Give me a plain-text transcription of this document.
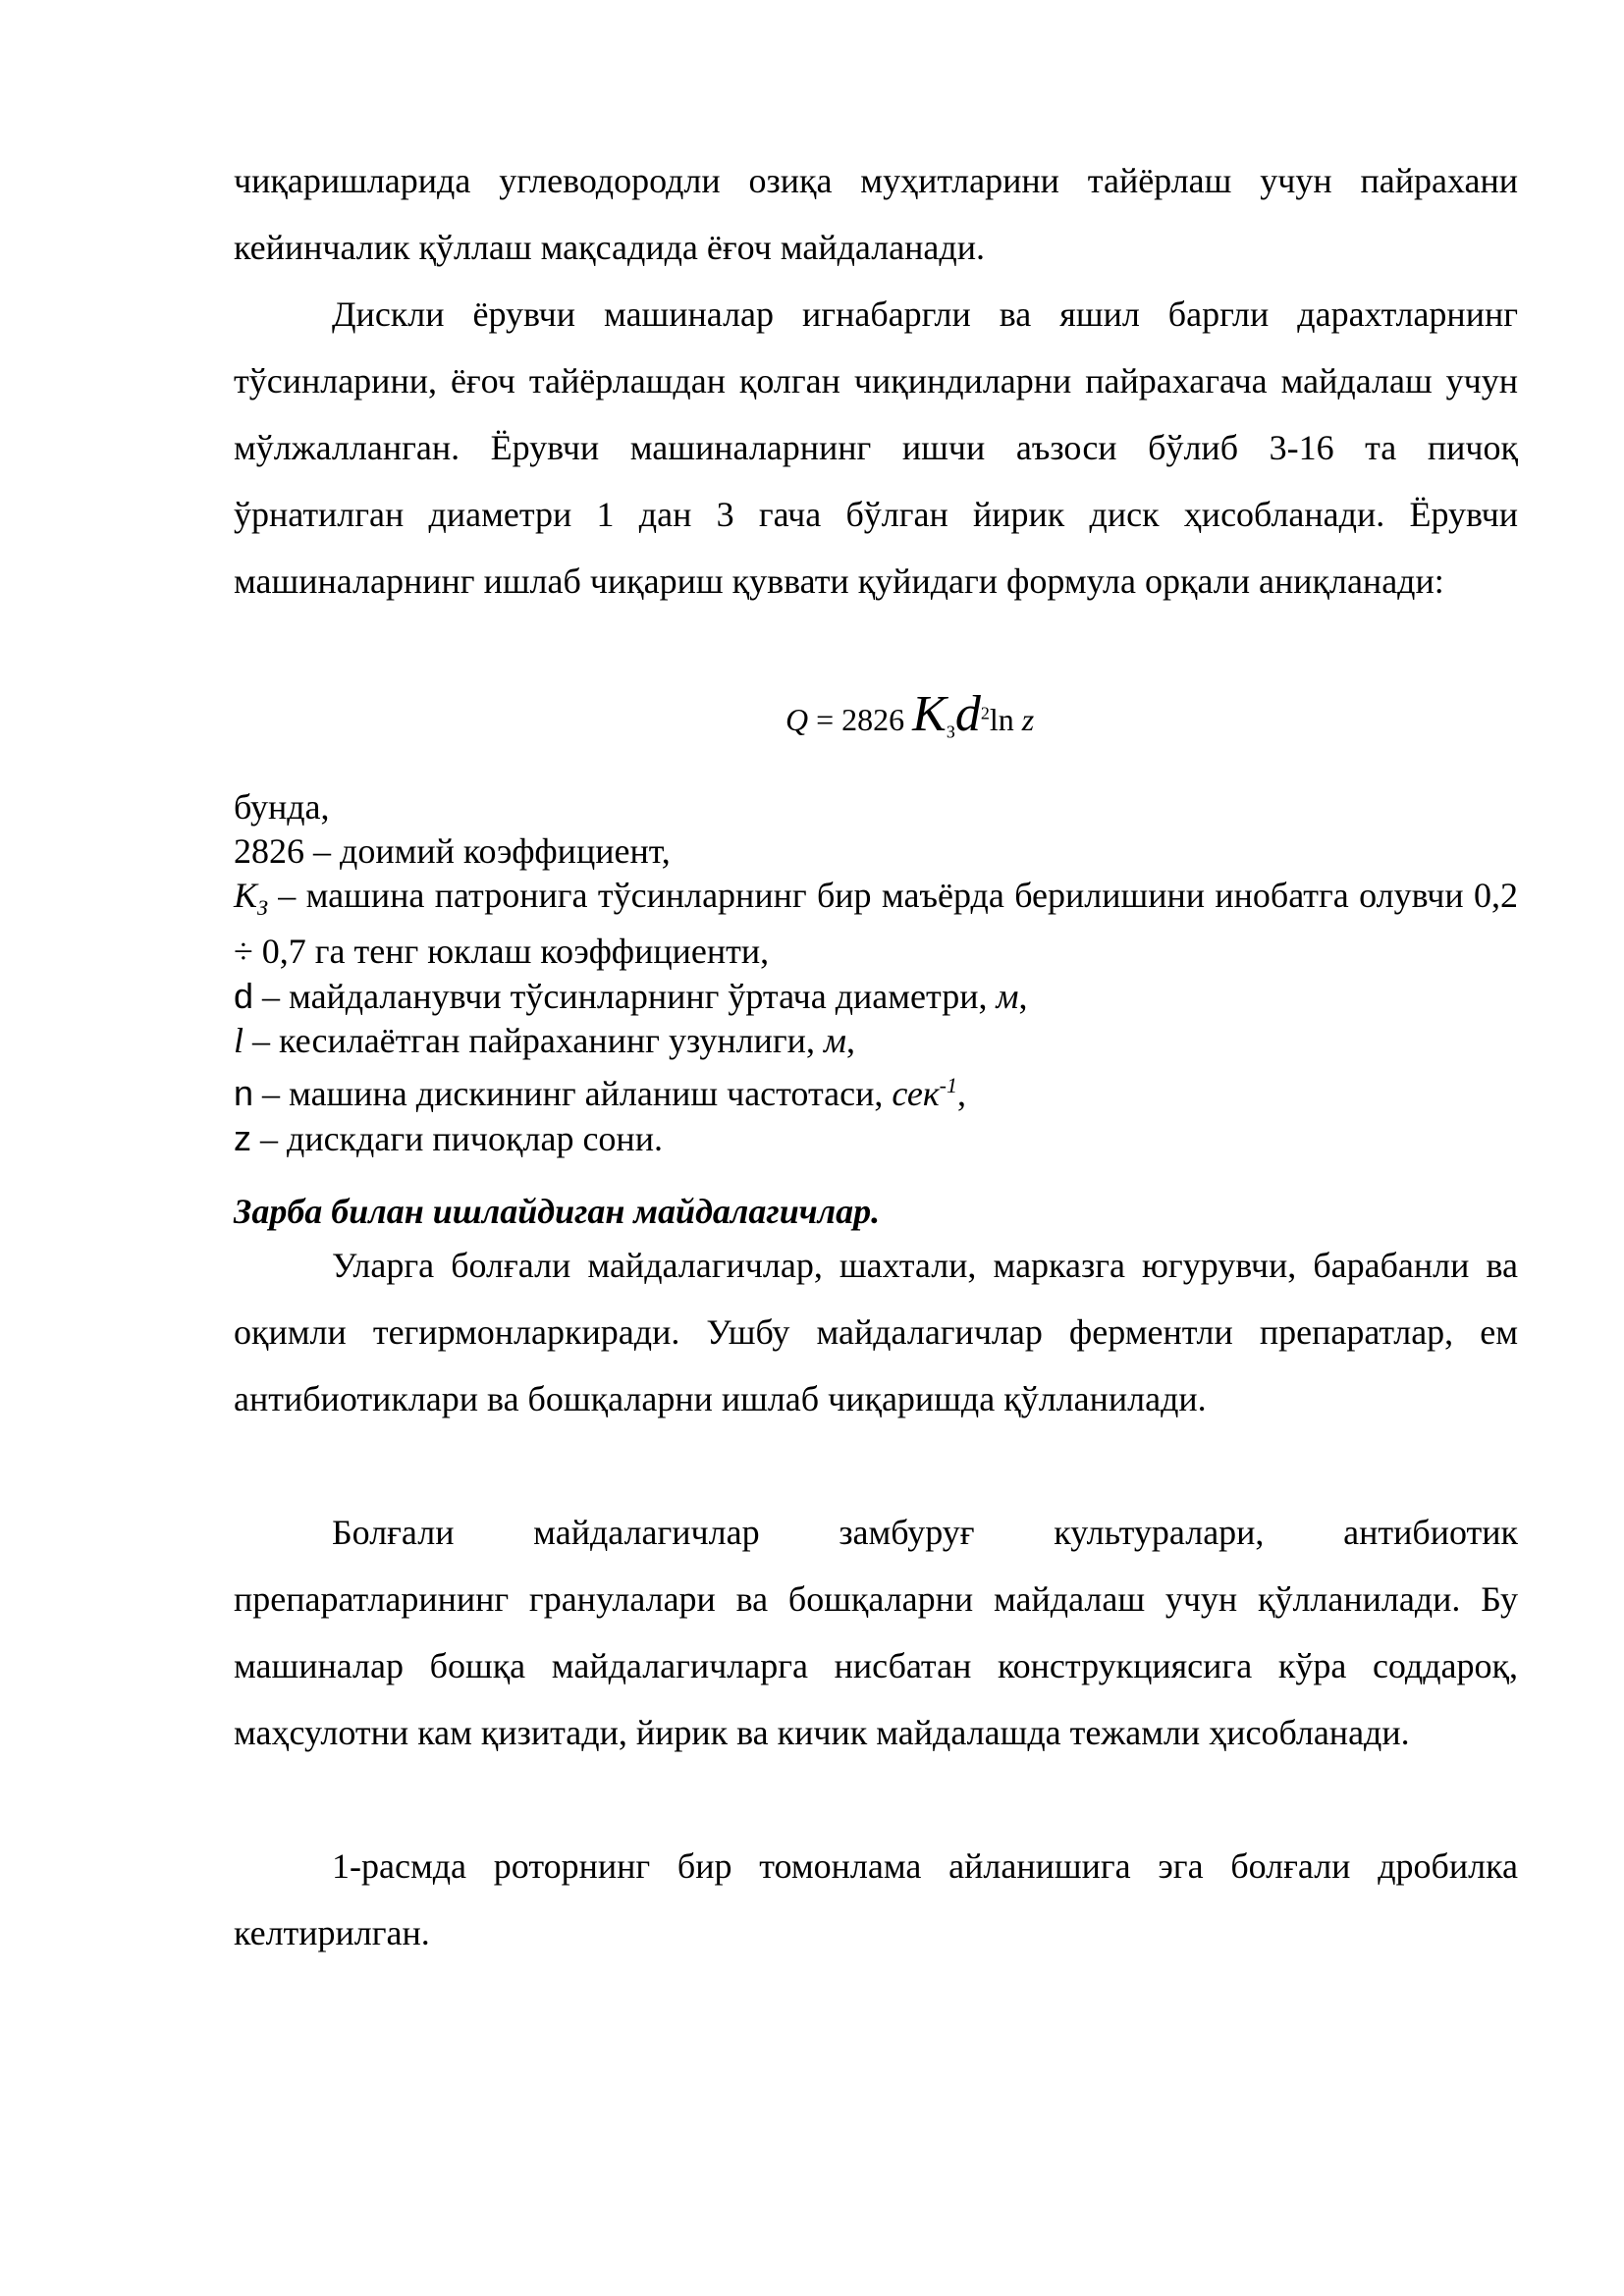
чиқаришларида углеводородли озиқа муҳитларини тайёрлаш учун пайрахани

кейинчалик қўллаш мақсадида ёғоч майдаланади.

Дискли ёрувчи машиналар игнабаргли ва яшил баргли дарахтларнинг тўсинларини, ёғоч тайёрлашдан қолган чиқиндиларни пайрахагача майдалаш учун мўлжалланган. Ёрувчи машиналарнинг ишчи аъзоси бўлиб 3-16 та пичоқ ўрнатилган диаметри 1 дан 3 гача бўлган йирик диск ҳисобланади. Ёрувчи машиналарнинг ишлаб чиқариш қуввати қуйидаги формула орқали аниқланади:

Q = 2826 $K_Зd^2\ln$ z

бунда,

2826 – доимий коэффициент,

$K_З$ – машина патронига тўсинларнинг бир маъёрда берилишини инобатга олувчи 0,2 ÷ 0,7 га тенг юклаш коэффициенти,

d – майдаланувчи тўсинларнинг ўртача диаметри, м,

l – кесилаётган пайраханинг узунлиги, м,

n – машина дискининг айланиш частотаси, сек$^{-1}$,

z – дискдаги пичоқлар сони.

Зарба билан ишлайдиган майдалагичлар.

Уларга болғали майдалагичлар, шахтали, марказга югурувчи, барабанли ва оқимли тегирмонларкиради. Ушбу майдалагичлар ферментли препаратлар, ем антибиотиклари ва бошқаларни ишлаб чиқаришда қўлланилади.

Болғали майдалагичлар замбуруғ культуралари, антибиотик препаратларининг гранулалари ва бошқаларни майдалаш учун қўлланилади. Бу машиналар бошқа майдалагичларга нисбатан конструкциясига кўра соддароқ, маҳсулотни кам қизитади, йирик ва кичик майдалашда тежамли ҳисобланади.

1-расмда роторнинг бир томонлама айланишига эга болғали дробилка келтирилган.
